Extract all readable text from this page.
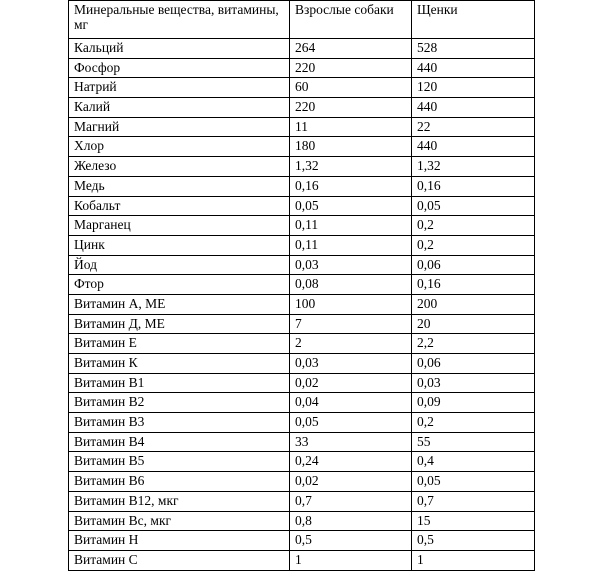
Минеральные вещества, витамины, мг	Взрослые собаки	Щенки
Кальций	264	528
Фосфор	220	440
Натрий	60	120
Калий	220	440
Магний	11	22
Хлор	180	440
Железо	1,32	1,32
Медь	0,16	0,16
Кобальт	0,05	0,05
Марганец	0,11	0,2
Цинк	0,11	0,2
Йод	0,03	0,06
Фтор	0,08	0,16
Витамин А, МЕ	100	200
Витамин Д, МЕ	7	20
Витамин Е	2	2,2
Витамин К	0,03	0,06
Витамин В1	0,02	0,03
Витамин В2	0,04	0,09
Витамин В3	0,05	0,2
Витамин В4	33	55
Витамин В5	0,24	0,4
Витамин В6	0,02	0,05
Витамин В12, мкг	0,7	0,7
Витамин Вс, мкг	0,8	15
Витамин Н	0,5	0,5
Витамин С	1	1
